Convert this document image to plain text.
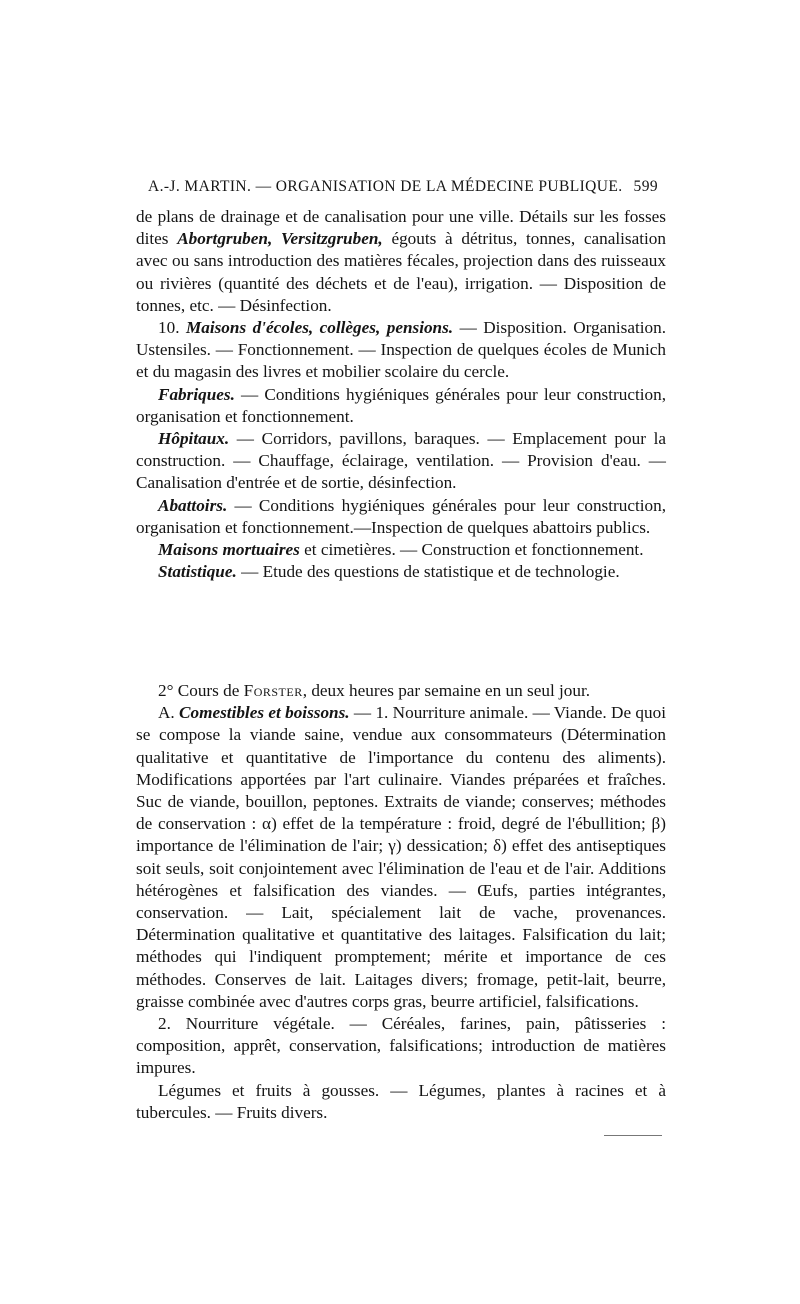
A.-J. MARTIN. — ORGANISATION DE LA MÉDECINE PUBLIQUE. 599

de plans de drainage et de canalisation pour une ville. Détails sur les fosses dites Abortgruben, Versitzgruben, égouts à détritus, tonnes, canalisation avec ou sans introduction des matières fécales, projection dans des ruisseaux ou rivières (quantité des déchets et de l'eau), irrigation. — Disposition de tonnes, etc. — Désinfection.

10. Maisons d'écoles, collèges, pensions. — Disposition. Organisation. Ustensiles. — Fonctionnement. — Inspection de quelques écoles de Munich et du magasin des livres et mobilier scolaire du cercle.

Fabriques. — Conditions hygiéniques générales pour leur construction, organisation et fonctionnement.

Hôpitaux. — Corridors, pavillons, baraques. — Emplacement pour la construction. — Chauffage, éclairage, ventilation. — Provision d'eau. — Canalisation d'entrée et de sortie, désinfection.

Abattoirs. — Conditions hygiéniques générales pour leur construction, organisation et fonctionnement.—Inspection de quelques abattoirs publics.

Maisons mortuaires et cimetières. — Construction et fonctionnement.

Statistique. — Etude des questions de statistique et de technologie.

2° Cours de Forster, deux heures par semaine en un seul jour.

A. Comestibles et boissons. — 1. Nourriture animale. — Viande. De quoi se compose la viande saine, vendue aux consommateurs (Détermination qualitative et quantitative de l'importance du contenu des aliments). Modifications apportées par l'art culinaire. Viandes préparées et fraîches. Suc de viande, bouillon, peptones. Extraits de viande; conserves; méthodes de conservation : α) effet de la température : froid, degré de l'ébullition; β) importance de l'élimination de l'air; γ) dessication; δ) effet des antiseptiques soit seuls, soit conjointement avec l'élimination de l'eau et de l'air. Additions hétérogènes et falsification des viandes. — Œufs, parties intégrantes, conservation. — Lait, spécialement lait de vache, provenances. Détermination qualitative et quantitative des laitages. Falsification du lait; méthodes qui l'indiquent promptement; mérite et importance de ces méthodes. Conserves de lait. Laitages divers; fromage, petit-lait, beurre, graisse combinée avec d'autres corps gras, beurre artificiel, falsifications.

2. Nourriture végétale. — Céréales, farines, pain, pâtisseries : composition, apprêt, conservation, falsifications; introduction de matières impures.

Légumes et fruits à gousses. — Légumes, plantes à racines et à tubercules. — Fruits divers.
